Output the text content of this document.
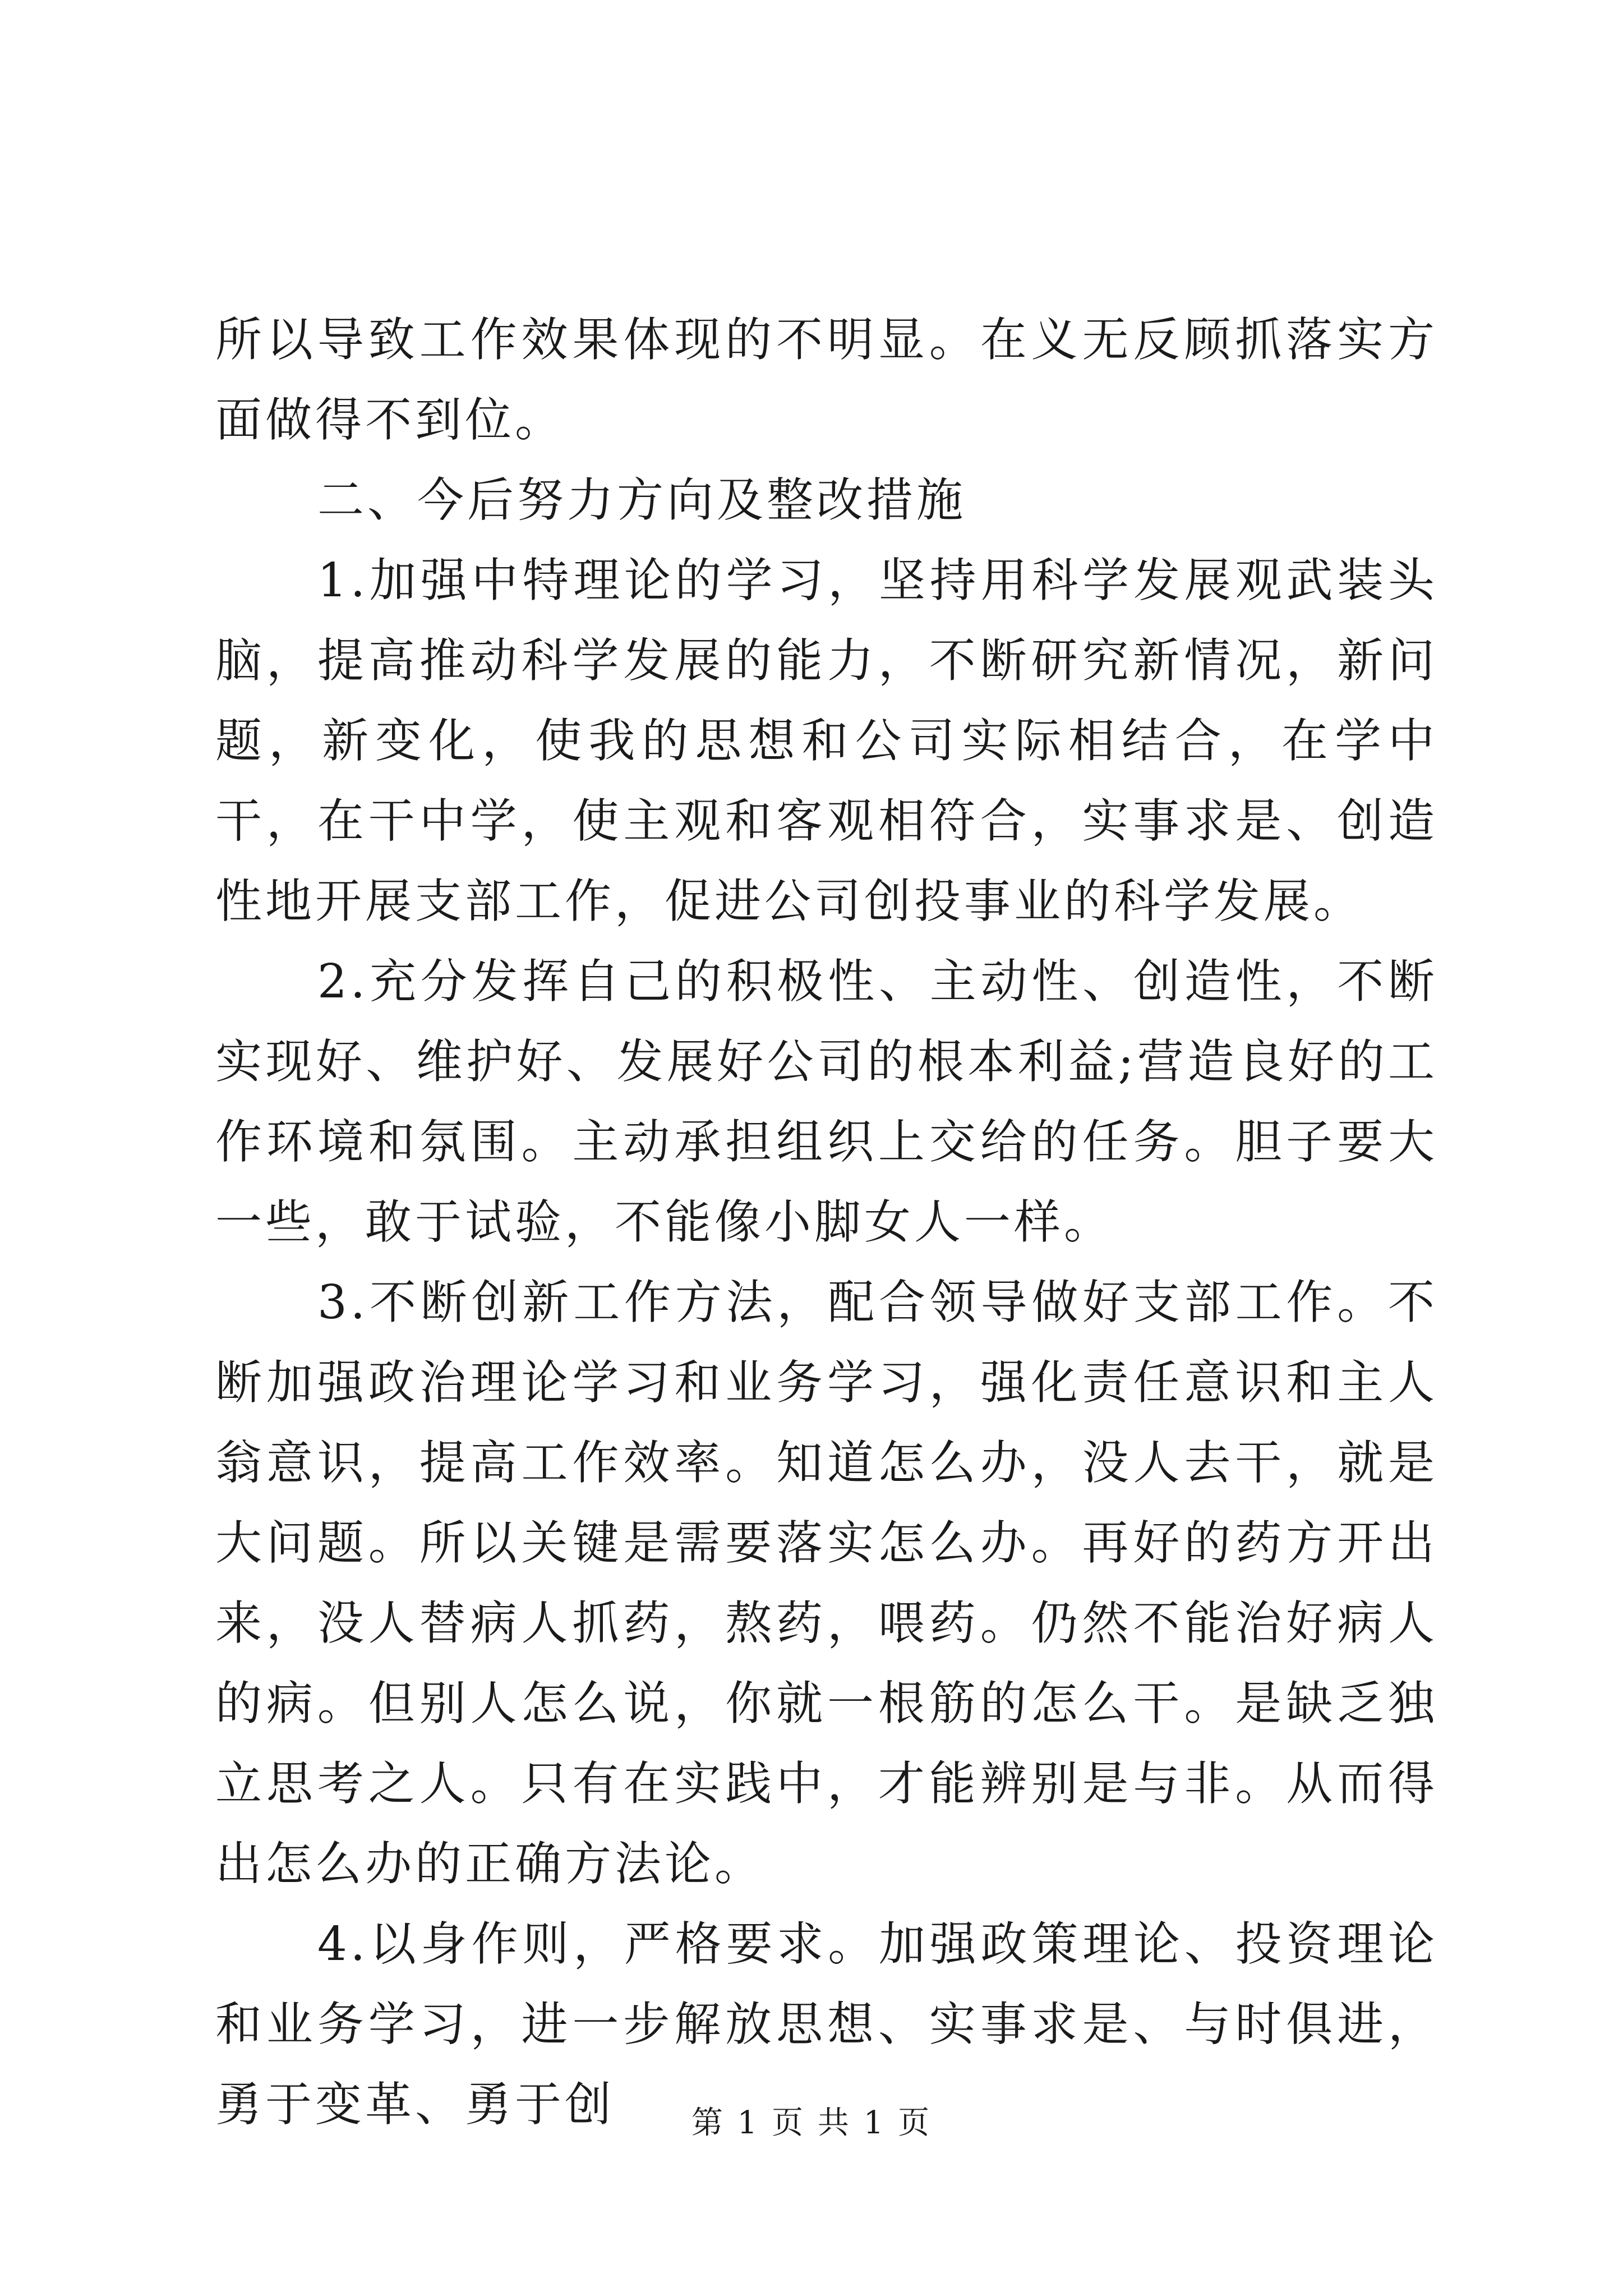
所以导致工作效果体现的不明显。在义无反顾抓落实方面做得不到位。

二、今后努力方向及整改措施

1.加强中特理论的学习，坚持用科学发展观武装头脑，提高推动科学发展的能力，不断研究新情况，新问题，新变化，使我的思想和公司实际相结合，在学中干，在干中学，使主观和客观相符合，实事求是、创造性地开展支部工作，促进公司创投事业的科学发展。

2.充分发挥自己的积极性、主动性、创造性，不断实现好、维护好、发展好公司的根本利益;营造良好的工作环境和氛围。主动承担组织上交给的任务。胆子要大一些，敢于试验，不能像小脚女人一样。

3.不断创新工作方法，配合领导做好支部工作。不断加强政治理论学习和业务学习，强化责任意识和主人翁意识，提高工作效率。知道怎么办，没人去干，就是大问题。所以关键是需要落实怎么办。再好的药方开出来，没人替病人抓药，熬药，喂药。仍然不能治好病人的病。但别人怎么说，你就一根筋的怎么干。是缺乏独立思考之人。只有在实践中，才能辨别是与非。从而得出怎么办的正确方法论。

4.以身作则，严格要求。加强政策理论、投资理论和业务学习，进一步解放思想、实事求是、与时俱进，勇于变革、勇于创	第 1 页 共 1 页
